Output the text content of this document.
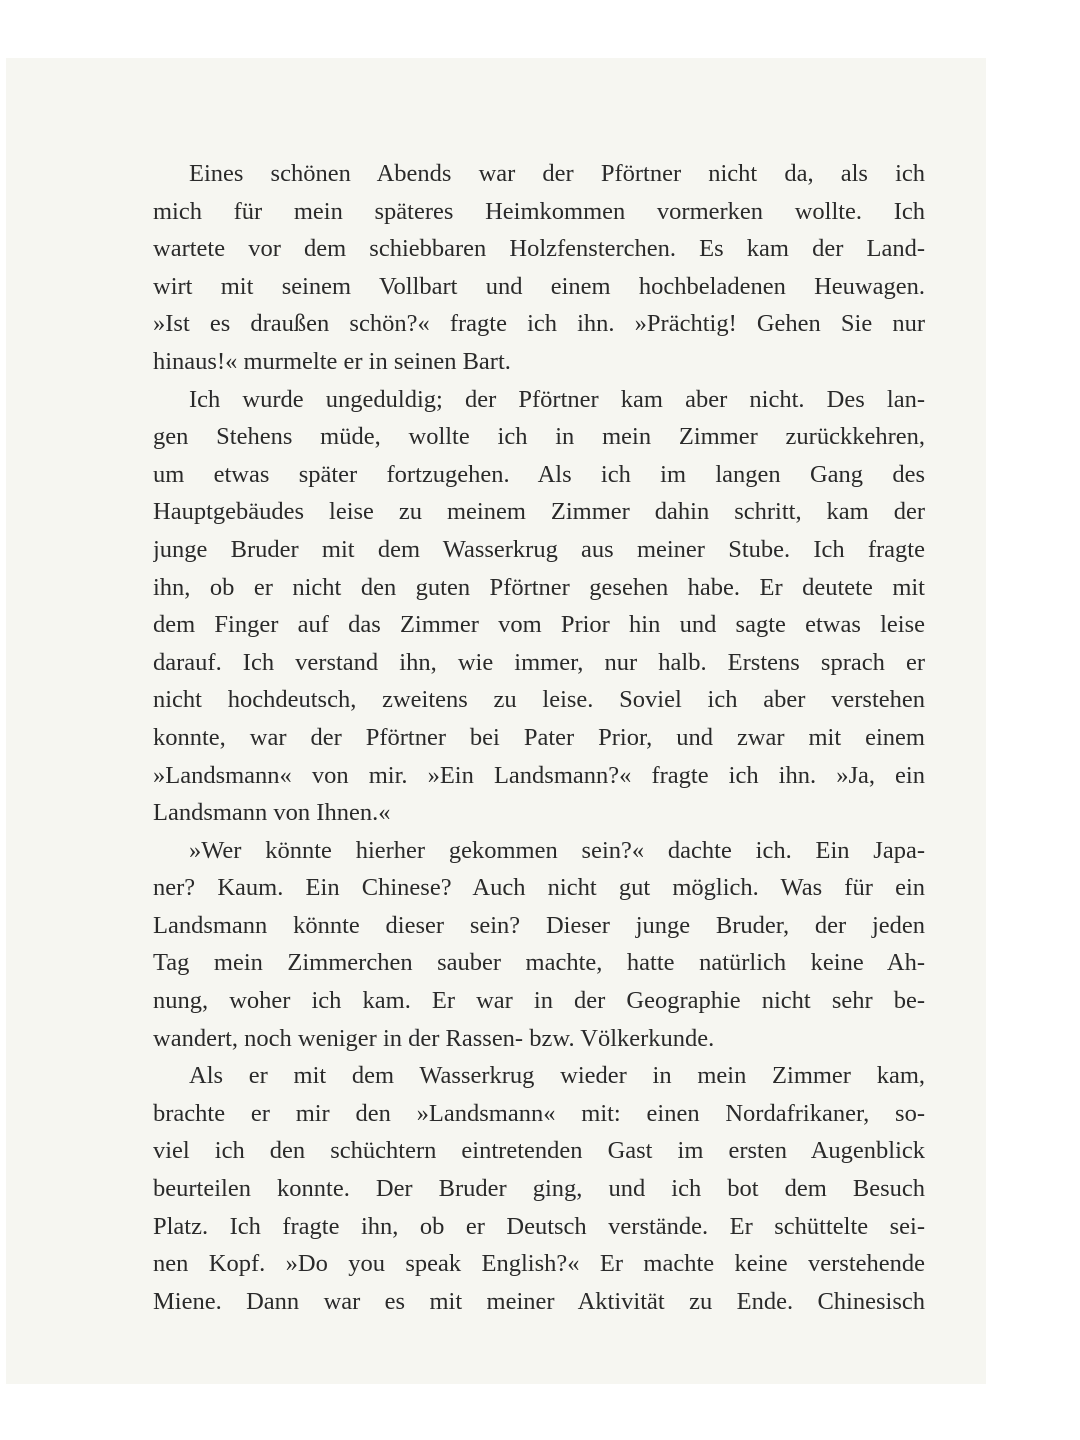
Eines schönen Abends war der Pförtner nicht da, als ich
mich für mein späteres Heimkommen vormerken wollte. Ich
wartete vor dem schiebbaren Holzfensterchen. Es kam der Land-
wirt mit seinem Vollbart und einem hochbeladenen Heuwagen.
»Ist es draußen schön?« fragte ich ihn. »Prächtig! Gehen Sie nur
hinaus!« murmelte er in seinen Bart.
Ich wurde ungeduldig; der Pförtner kam aber nicht. Des lan-
gen Stehens müde, wollte ich in mein Zimmer zurückkehren,
um etwas später fortzugehen. Als ich im langen Gang des
Hauptgebäudes leise zu meinem Zimmer dahin schritt, kam der
junge Bruder mit dem Wasserkrug aus meiner Stube. Ich fragte
ihn, ob er nicht den guten Pförtner gesehen habe. Er deutete mit
dem Finger auf das Zimmer vom Prior hin und sagte etwas leise
darauf. Ich verstand ihn, wie immer, nur halb. Erstens sprach er
nicht hochdeutsch, zweitens zu leise. Soviel ich aber verstehen
konnte, war der Pförtner bei Pater Prior, und zwar mit einem
»Landsmann« von mir. »Ein Landsmann?« fragte ich ihn. »Ja, ein
Landsmann von Ihnen.«
»Wer könnte hierher gekommen sein?« dachte ich. Ein Japa-
ner? Kaum. Ein Chinese? Auch nicht gut möglich. Was für ein
Landsmann könnte dieser sein? Dieser junge Bruder, der jeden
Tag mein Zimmerchen sauber machte, hatte natürlich keine Ah-
nung, woher ich kam. Er war in der Geographie nicht sehr be-
wandert, noch weniger in der Rassen- bzw. Völkerkunde.
Als er mit dem Wasserkrug wieder in mein Zimmer kam,
brachte er mir den »Landsmann« mit: einen Nordafrikaner, so-
viel ich den schüchtern eintretenden Gast im ersten Augenblick
beurteilen konnte. Der Bruder ging, und ich bot dem Besuch
Platz. Ich fragte ihn, ob er Deutsch verstände. Er schüttelte sei-
nen Kopf. »Do you speak English?« Er machte keine verstehende
Miene. Dann war es mit meiner Aktivität zu Ende. Chinesisch
